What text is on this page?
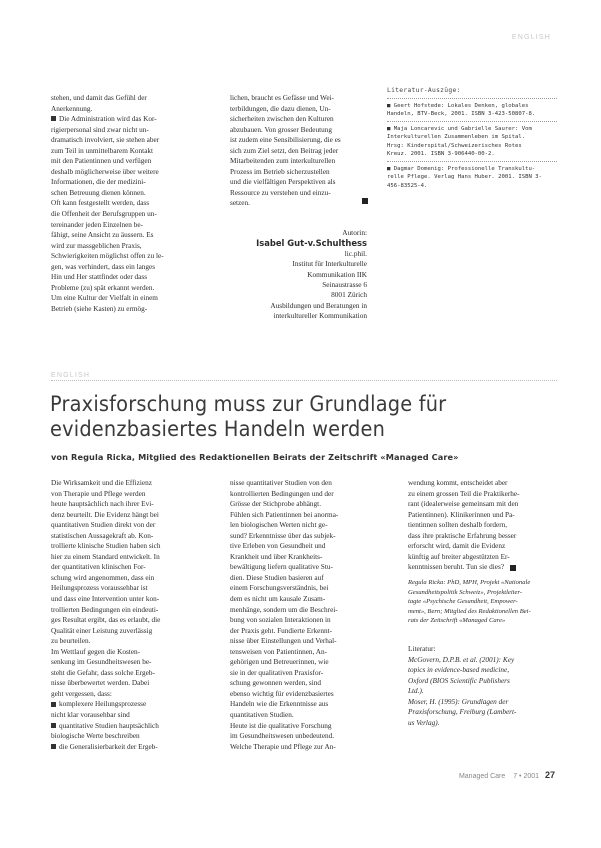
ENGLISH
stehen, und damit das Gefühl der
Anerkennung.
Die Administration wird das Kor-
rigierpersonal sind zwar nicht un-
dramatisch involviert, sie stehen aber
zum Teil in unmittelbarem Kontakt
mit den Patientinnen und verfügen
deshalb möglicherweise über weitere
Informationen, die der medizini-
schen Betreuung dienen können.
Oft kann festgestellt werden, dass
die Offenheit der Berufsgruppen un-
tereinander jeden Einzelnen be-
fähigt, seine Ansicht zu äussern. Es
wird zur massgeblichen Praxis,
Schwierigkeiten möglichst offen zu le-
gen, was verhindert, dass ein langes
Hin und Her stattfindet oder dass
Probleme (zu) spät erkannt werden.
Um eine Kultur der Vielfalt in einem
Betrieb (siehe Kasten) zu ermög-
lichen, braucht es Gefässe und Wei-
terbildungen, die dazu dienen, Un-
sicherheiten zwischen den Kulturen
abzubauen. Von grosser Bedeutung
ist zudem eine Sensibilisierung, die es
sich zum Ziel setzt, den Beitrag jeder
Mitarbeitenden zum interkulturellen
Prozess im Betrieb sicherzustellen
und die vielfältigen Perspektiven als
Ressource zu verstehen und einzu-
setzen.
Autorin:
Isabel Gut-v.Schulthess
lic.phil.
Institut für Interkulturelle
Kommunikation IIK
Seinaustrasse 6
8001 Zürich
Ausbildungen und Beratungen in
interkultureller Kommunikation
Literatur-Auszüge:
■ Geert Hofstede: Lokales Denken, globales
Handeln, BTV-Beck, 2001. ISBN 3-423-50807-8.
■ Maja Loncarevic und Gabrielle Saurer: Vom
Interkulturellen Zusammenleben im Spital.
Hrsg: Kinderspital/Schweizerisches Rotes
Kreuz. 2001. ISBN 3-906440-00-2.
■ Dagmar Domenig: Professionelle Transkultu-
relle Pflege. Verlag Hans Huber. 2001. ISBN 3-
456-83525-4.
ENGLISH
Praxisforschung muss zur Grundlage für
evidenzbasiertes Handeln werden
von Regula Ricka, Mitglied des Redaktionellen Beirats der Zeitschrift «Managed Care»
Die Wirksamkeit und die Effizienz
von Therapie und Pflege werden
heute hauptsächlich nach ihrer Evi-
denz beurteilt. Die Evidenz hängt bei
quantitativen Studien direkt von der
statistischen Aussagekraft ab. Kon-
trollierte klinische Studien haben sich
hier zu einem Standard entwickelt. In
der quantitativen klinischen For-
schung wird angenommen, dass ein
Heilungsprozess voraussehbar ist
und dass eine Intervention unter kon-
trollierten Bedingungen ein eindeuti-
ges Resultat ergibt, das es erlaubt, die
Qualität einer Leistung zuverlässig
zu beurteilen.
Im Wettlauf gegen die Kosten-
senkung im Gesundheitswesen be-
steht die Gefahr, dass solche Ergeb-
nisse überbewertet werden. Dabei
geht vergessen, dass:
komplexere Heilungsprozesse
nicht klar vorausehbar sind
quantitative Studien hauptsächlich
biologische Werte beschreiben
die Generalisierbarkeit der Ergeb-
nisse quantitativer Studien von den
kontrollierten Bedingungen und der
Grösse der Stichprobe abhängt.
Fühlen sich Patientinnen bei anorma-
len biologischen Werten nicht ge-
sund? Erkenntnisse über das subjek-
tive Erleben von Gesundheit und
Krankheit und über Krankheits-
bewältigung liefern qualitative Stu-
dien. Diese Studien basieren auf
einem Forschungsverständnis, bei
dem es nicht um kausale Zusam-
menhänge, sondern um die Beschrei-
bung von sozialen Interaktionen in
der Praxis geht. Fundierte Erkennt-
nisse über Einstellungen und Verhal-
tensweisen von Patientinnen, An-
gehörigen und Betreuerinnen, wie
sie in der qualitativen Praxisfor-
schung gewonnen werden, sind
ebenso wichtig für evidenzbasiertes
Handeln wie die Erkenntnisse aus
quantitativen Studien.
Heute ist die qualitative Forschung
im Gesundheitswesen unbedeutend.
Welche Therapie und Pflege zur An-
wendung kommt, entscheidet aber
zu einem grossen Teil die Praktikerhe-
rant (idealerweise gemeinsam mit den
Patientinnen). Klinikerinnen und Pa-
tientinnen sollten deshalb fordern,
dass ihre praktische Erfahrung besser
erforscht wird, damit die Evidenz
künftig auf breiter abgestützten Er-
kenntnissen beruht. Tun sie dies?
Regula Ricka: PhD, MPH, Projekt «Nationale
Gesundheitspolitik Schweiz», Projektleiter-
tagte «Psychische Gesundheit, Empower-
ment», Bern; Mitglied des Redaktionellen Bei-
rats der Zeitschrift «Managed Care»
Literatur:
McGovern, D.P.B. et al. (2001): Key
topics in evidence-based medicine,
Oxford (BIOS Scientific Publishers
Ltd.).
Moser, H. (1995): Grundlagen der
Praxisforschung, Freiburg (Lambert-
us Verlag).
Managed Care 7 • 2001 27
